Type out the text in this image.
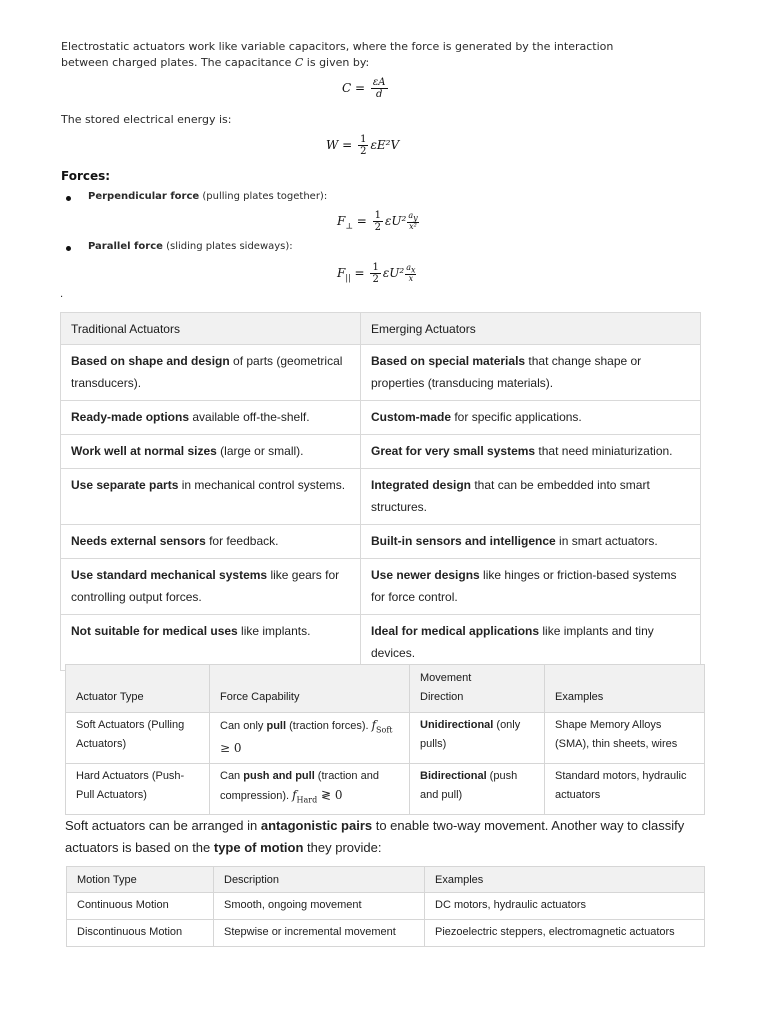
Electrostatic actuators work like variable capacitors, where the force is generated by the interaction
between charged plates. The capacitance C is given by:
$C = \frac{\varepsilon A}{d}$
The stored electrical energy is:
$W = \frac{1}{2} \varepsilon E^2V$
Forces:
Perpendicular force (pulling plates together):
$F_\perp = \frac{1}{2} \varepsilon U^2 \frac{a_y}{\text{x²}}$
Parallel force (sliding plates sideways):
$F_{||} = \frac{1}{2} \varepsilon U^2 \frac{a_x}{x}$
.
Traditional Actuators	Emerging Actuators
Based on shape and design of parts (geometrical transducers).	Based on special materials that change shape or properties (transducing materials).
Ready-made options available off-the-shelf.	Custom-made for specific applications.
Work well at normal sizes (large or small).	Great for very small systems that need miniaturization.
Use separate parts in mechanical control systems.	Integrated design that can be embedded into smart structures.
Needs external sensors for feedback.	Built-in sensors and intelligence in smart actuators.
Use standard mechanical systems like gears for controlling output forces.	Use newer designs like hinges or friction-based systems for force control.
Not suitable for medical uses like implants.	Ideal for medical applications like implants and tiny devices.
Actuator Type	Force Capability	Movement Direction	Examples
Soft Actuators (Pulling Actuators)	Can only pull (traction forces). $f_{Soft} \ge 0$	Unidirectional (only pulls)	Shape Memory Alloys (SMA), thin sheets, wires
Hard Actuators (Push-Pull Actuators)	Can push and pull (traction and compression). $f_{Hard}$ ≷ 0	Bidirectional (push and pull)	Standard motors, hydraulic actuators
Soft actuators can be arranged in antagonistic pairs to enable two-way movement. Another way to classify actuators is based on the type of motion they provide:
Motion Type	Description	Examples
Continuous Motion	Smooth, ongoing movement	DC motors, hydraulic actuators
Discontinuous Motion	Stepwise or incremental movement	Piezoelectric steppers, electromagnetic actuators
